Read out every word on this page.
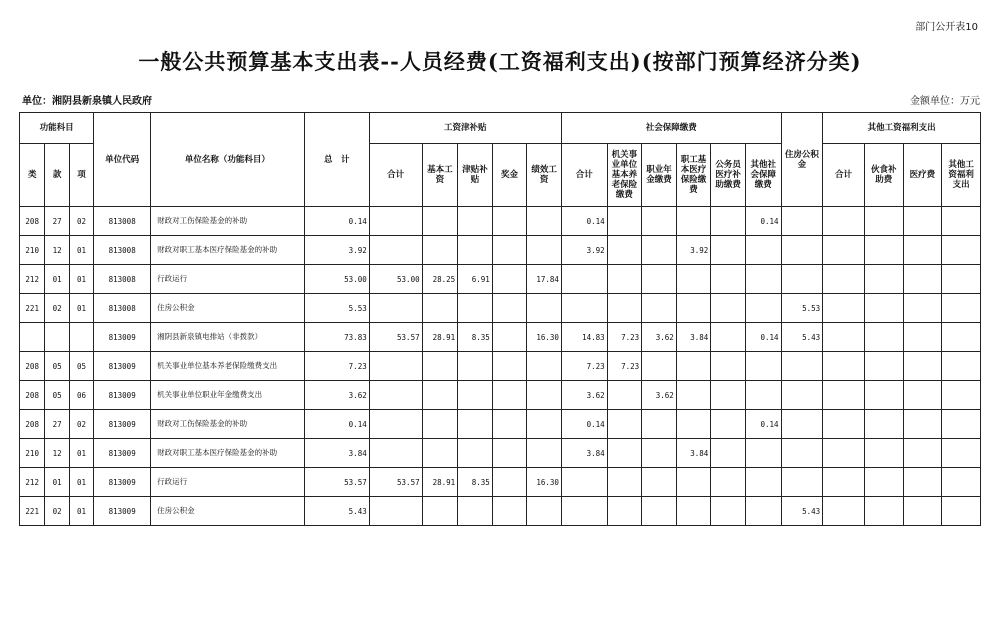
部门公开表10
一般公共预算基本支出表--人员经费(工资福利支出)(按部门预算经济分类)
单位：湘阴县新泉镇人民政府	金额单位：万元
功能科目			单位代码	单位名称（功能科目）	总　计	工资津补贴					社会保障缴费						住房公积金	其他工资福利支出			
类	款	项				合计	基本工资	津贴补贴	奖金	绩效工资	合计	机关事业单位基本养老保险缴费	职业年金缴费	职工基本医疗保险缴费	公务员医疗补助缴费	其他社会保障缴费		合计	伙食补助费	医疗费	其他工资福利支出
208	27	02	813008	财政对工伤保险基金的补助	0.14						0.14					0.14					
210	12	01	813008	财政对职工基本医疗保险基金的补助	3.92						3.92			3.92							
212	01	01	813008	行政运行	53.00	53.00	28.25	6.91		17.84											
221	02	01	813008	住房公积金	5.53												5.53				
			813009	湘阴县新泉镇电排站（非拨款）	73.83	53.57	28.91	8.35		16.30	14.83	7.23	3.62	3.84		0.14	5.43				
208	05	05	813009	机关事业单位基本养老保险缴费支出	7.23						7.23	7.23									
208	05	06	813009	机关事业单位职业年金缴费支出	3.62						3.62		3.62								
208	27	02	813009	财政对工伤保险基金的补助	0.14						0.14					0.14					
210	12	01	813009	财政对职工基本医疗保险基金的补助	3.84						3.84			3.84							
212	01	01	813009	行政运行	53.57	53.57	28.91	8.35		16.30											
221	02	01	813009	住房公积金	5.43												5.43				
